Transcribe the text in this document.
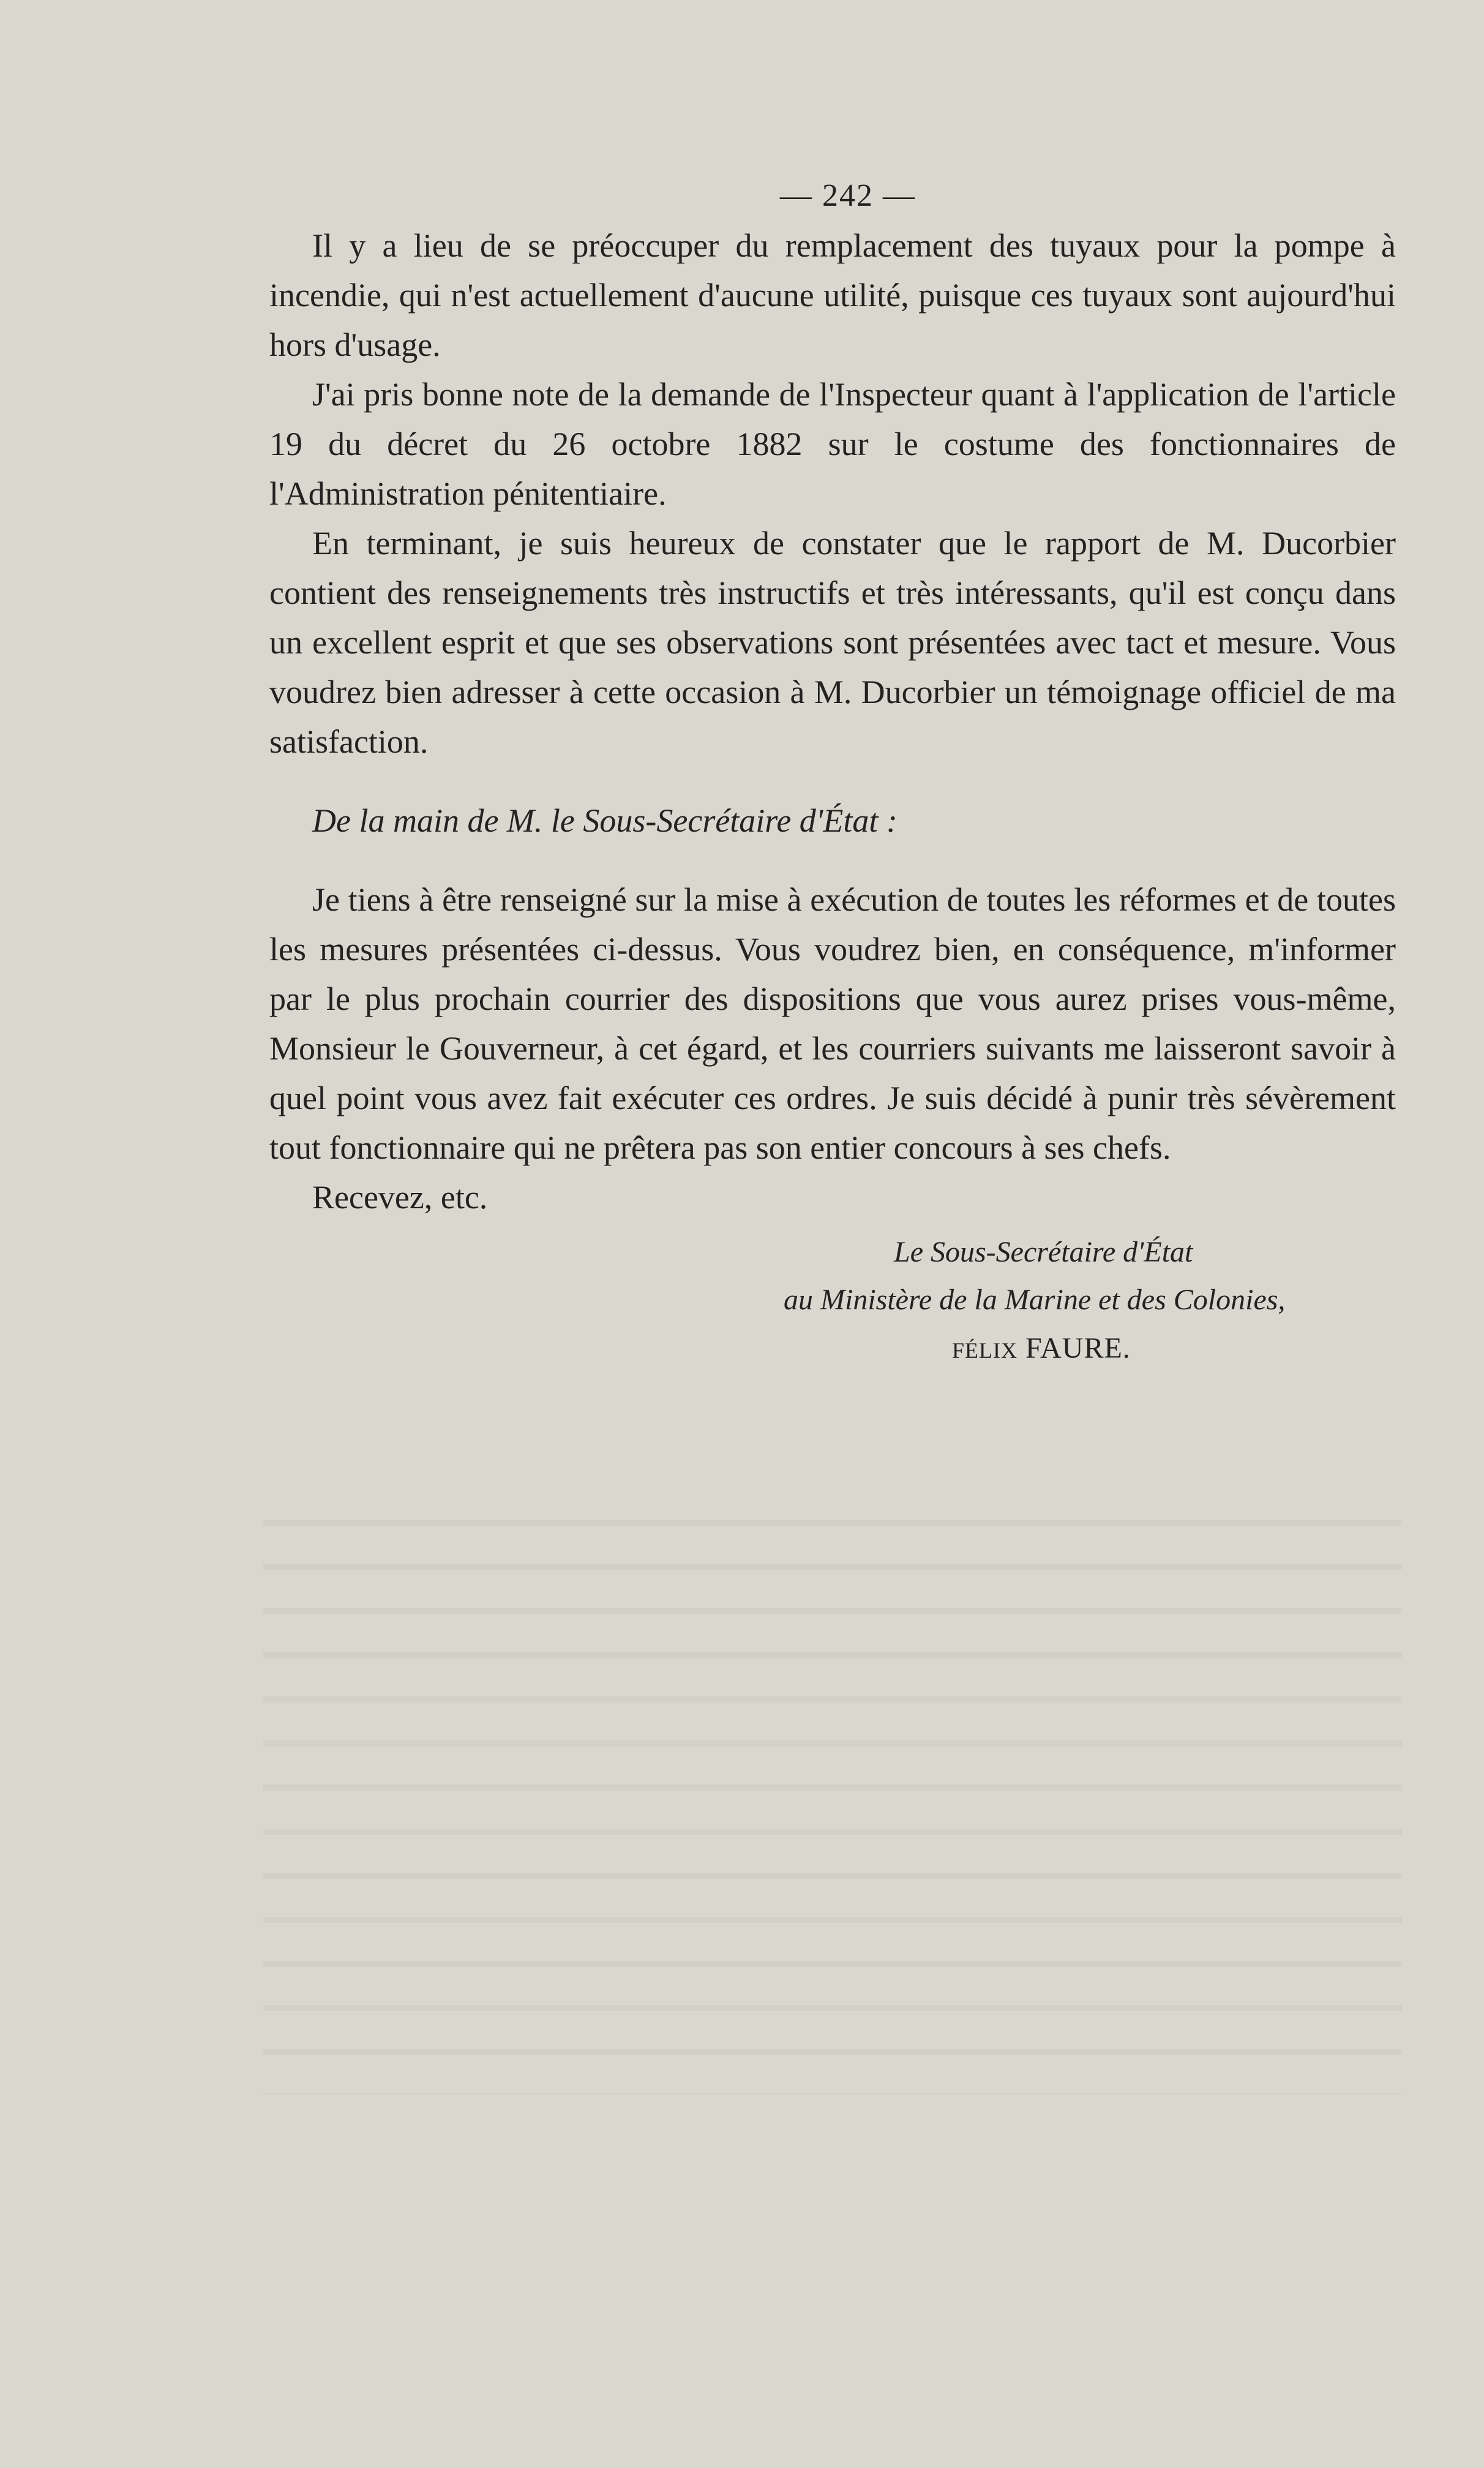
— 242 —

Il y a lieu de se préoccuper du remplacement des tuyaux pour la pompe à incendie, qui n'est actuellement d'aucune utilité, puisque ces tuyaux sont aujourd'hui hors d'usage.

J'ai pris bonne note de la demande de l'Inspecteur quant à l'application de l'article 19 du décret du 26 octobre 1882 sur le costume des fonctionnaires de l'Administration pénitentiaire.

En terminant, je suis heureux de constater que le rapport de M. Ducorbier contient des renseignements très instructifs et très intéressants, qu'il est conçu dans un excellent esprit et que ses observations sont présentées avec tact et mesure. Vous voudrez bien adresser à cette occasion à M. Ducorbier un témoignage officiel de ma satisfaction.

De la main de M. le Sous-Secrétaire d'État :

Je tiens à être renseigné sur la mise à exécution de toutes les réformes et de toutes les mesures présentées ci-dessus. Vous voudrez bien, en conséquence, m'informer par le plus prochain courrier des dispositions que vous aurez prises vous-même, Monsieur le Gouverneur, à cet égard, et les courriers suivants me laisseront savoir à quel point vous avez fait exécuter ces ordres. Je suis décidé à punir très sévèrement tout fonctionnaire qui ne prêtera pas son entier concours à ses chefs.

Recevez, etc.

Le Sous-Secrétaire d'État
au Ministère de la Marine et des Colonies,
FÉLIX FAURE.
